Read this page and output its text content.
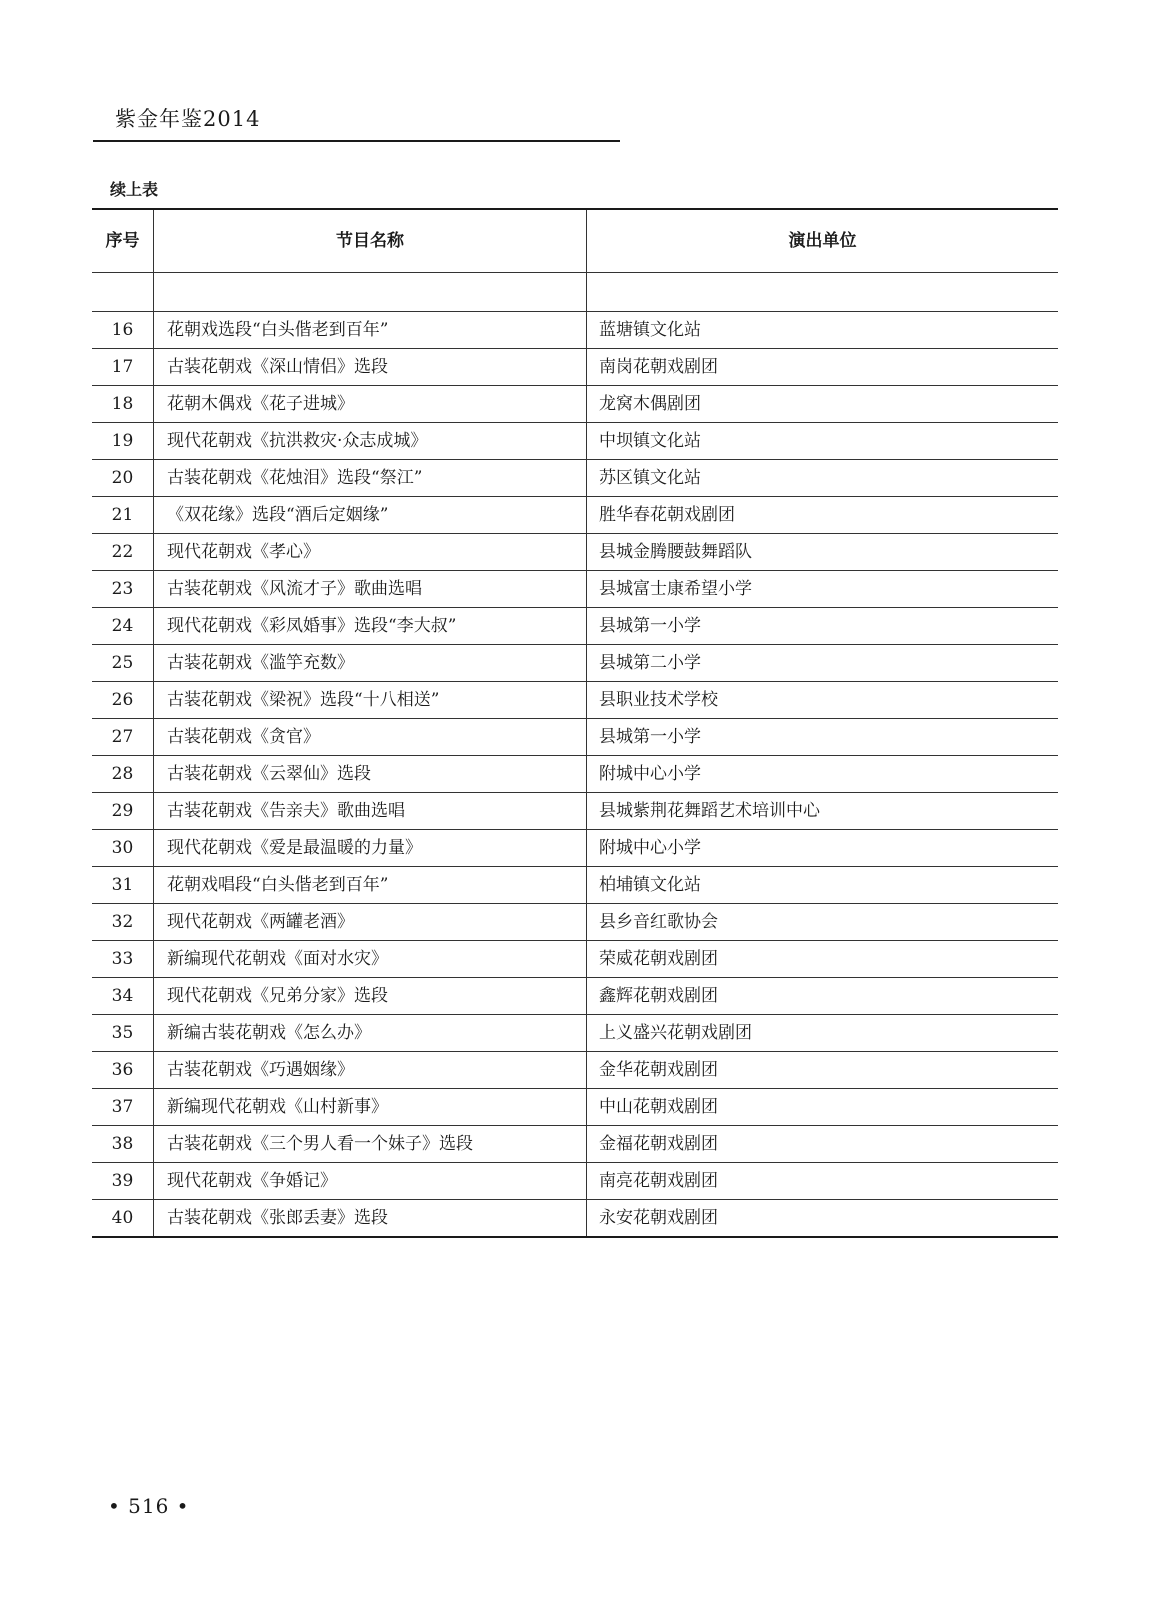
紫金年鉴2014
续上表
序号	节目名称	演出单位

16	花朝戏选段“白头偕老到百年”	蓝塘镇文化站
17	古装花朝戏《深山情侣》选段	南岗花朝戏剧团
18	花朝木偶戏《花子进城》	龙窝木偶剧团
19	现代花朝戏《抗洪救灾·众志成城》	中坝镇文化站
20	古装花朝戏《花烛泪》选段“祭江”	苏区镇文化站
21	《双花缘》选段“酒后定姻缘”	胜华春花朝戏剧团
22	现代花朝戏《孝心》	县城金腾腰鼓舞蹈队
23	古装花朝戏《风流才子》歌曲选唱	县城富士康希望小学
24	现代花朝戏《彩凤婚事》选段“李大叔”	县城第一小学
25	古装花朝戏《滥竽充数》	县城第二小学
26	古装花朝戏《梁祝》选段“十八相送”	县职业技术学校
27	古装花朝戏《贪官》	县城第一小学
28	古装花朝戏《云翠仙》选段	附城中心小学
29	古装花朝戏《告亲夫》歌曲选唱	县城紫荆花舞蹈艺术培训中心
30	现代花朝戏《爱是最温暖的力量》	附城中心小学
31	花朝戏唱段“白头偕老到百年”	柏埔镇文化站
32	现代花朝戏《两罐老酒》	县乡音红歌协会
33	新编现代花朝戏《面对水灾》	荣威花朝戏剧团
34	现代花朝戏《兄弟分家》选段	鑫辉花朝戏剧团
35	新编古装花朝戏《怎么办》	上义盛兴花朝戏剧团
36	古装花朝戏《巧遇姻缘》	金华花朝戏剧团
37	新编现代花朝戏《山村新事》	中山花朝戏剧团
38	古装花朝戏《三个男人看一个妹子》选段	金福花朝戏剧团
39	现代花朝戏《争婚记》	南亮花朝戏剧团
40	古装花朝戏《张郎丢妻》选段	永安花朝戏剧团
• 516 •
